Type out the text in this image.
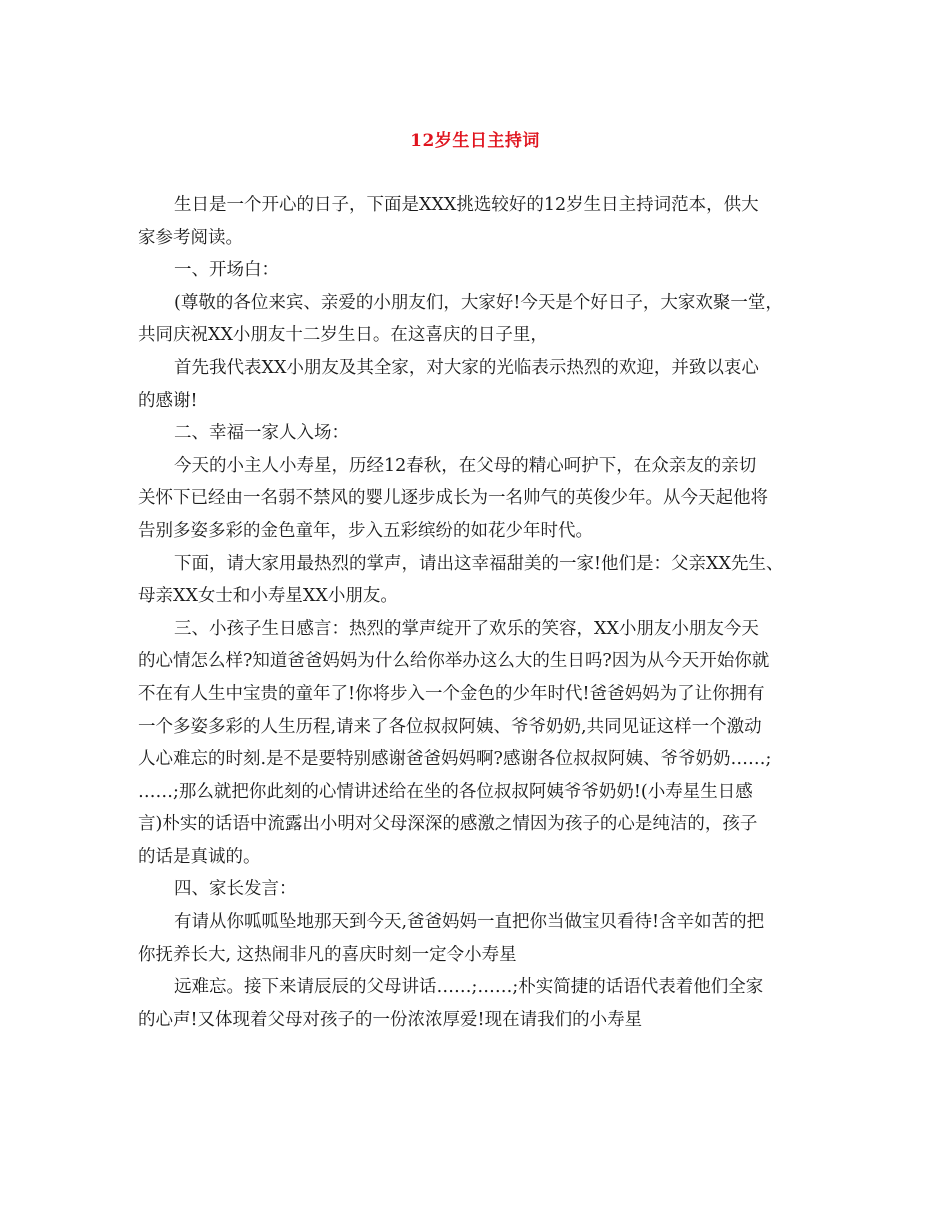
12岁生日主持词
生日是一个开心的日子，下面是XXX挑选较好的12岁生日主持词范本，供大
家参考阅读。
一、开场白：
(尊敬的各位来宾、亲爱的小朋友们，大家好!今天是个好日子，大家欢聚一堂，
共同庆祝XX小朋友十二岁生日。在这喜庆的日子里，
首先我代表XX小朋友及其全家，对大家的光临表示热烈的欢迎，并致以衷心
的感谢!
二、幸福一家人入场：
今天的小主人小寿星，历经12春秋，在父母的精心呵护下，在众亲友的亲切
关怀下已经由一名弱不禁风的婴儿逐步成长为一名帅气的英俊少年。从今天起他将
告别多姿多彩的金色童年，步入五彩缤纷的如花少年时代。
下面，请大家用最热烈的掌声，请出这幸福甜美的一家!他们是：父亲XX先生、
母亲XX女士和小寿星XX小朋友。
三、小孩子生日感言：热烈的掌声绽开了欢乐的笑容，XX小朋友小朋友今天
的心情怎么样?知道爸爸妈妈为什么给你举办这么大的生日吗?因为从今天开始你就
不在有人生中宝贵的童年了!你将步入一个金色的少年时代!爸爸妈妈为了让你拥有
一个多姿多彩的人生历程,请来了各位叔叔阿姨、爷爷奶奶,共同见证这样一个激动
人心难忘的时刻.是不是要特别感谢爸爸妈妈啊?感谢各位叔叔阿姨、爷爷奶奶……;
……;那么就把你此刻的心情讲述给在坐的各位叔叔阿姨爷爷奶奶!(小寿星生日感
言)朴实的话语中流露出小明对父母深深的感激之情因为孩子的心是纯洁的，孩子
的话是真诚的。
四、家长发言：
有请从你呱呱坠地那天到今天,爸爸妈妈一直把你当做宝贝看待!含辛如苦的把
你抚养长大, 这热闹非凡的喜庆时刻一定令小寿星
远难忘。接下来请辰辰的父母讲话……;……;朴实简捷的话语代表着他们全家
的心声!又体现着父母对孩子的一份浓浓厚爱!现在请我们的小寿星
